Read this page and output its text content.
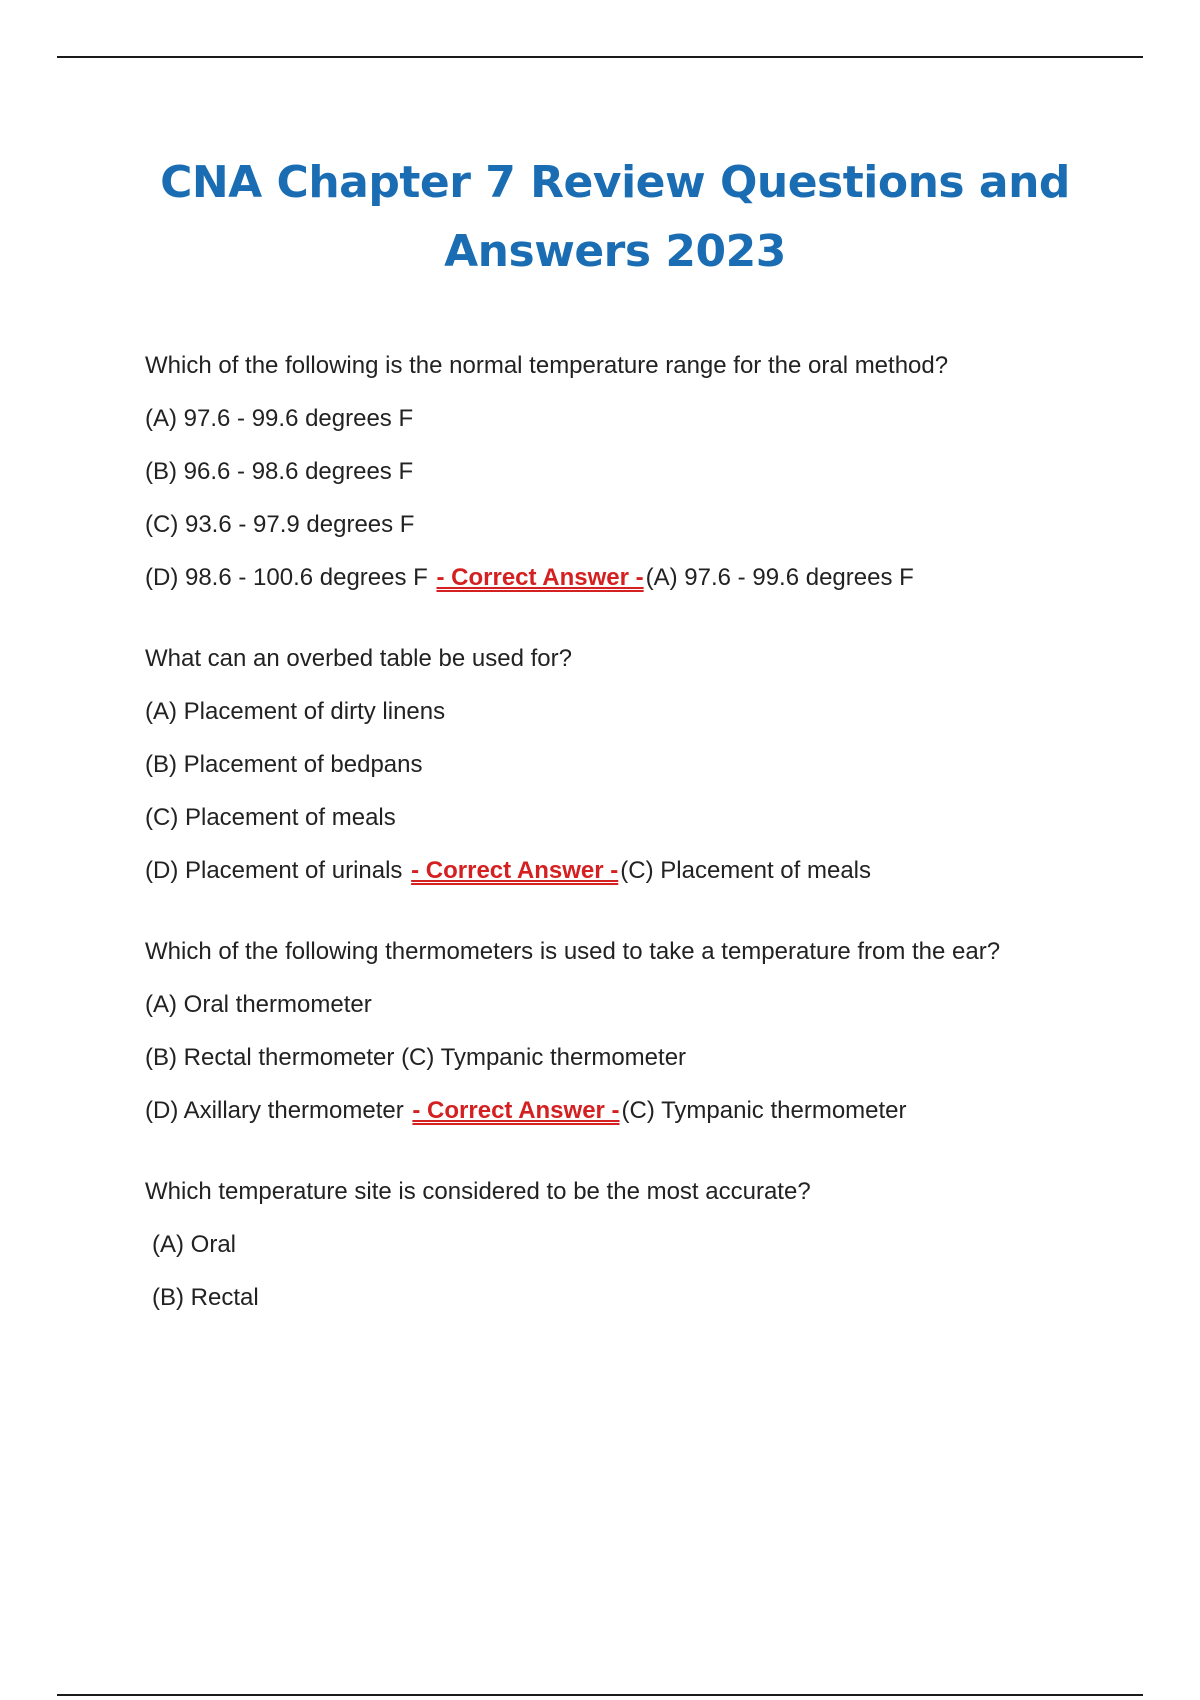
CNA Chapter 7 Review Questions and Answers 2023
Which of the following is the normal temperature range for the oral method?
(A) 97.6 - 99.6 degrees F
(B) 96.6 - 98.6 degrees F
(C) 93.6 - 97.9 degrees F
(D) 98.6 - 100.6 degrees F - Correct Answer -(A) 97.6 - 99.6 degrees F
What can an overbed table be used for?
(A) Placement of dirty linens
(B) Placement of bedpans
(C) Placement of meals
(D) Placement of urinals - Correct Answer -(C) Placement of meals
Which of the following thermometers is used to take a temperature from the ear?
(A) Oral thermometer
(B) Rectal thermometer (C) Tympanic thermometer
(D) Axillary thermometer - Correct Answer -(C) Tympanic thermometer
Which temperature site is considered to be the most accurate?
(A) Oral
(B) Rectal
